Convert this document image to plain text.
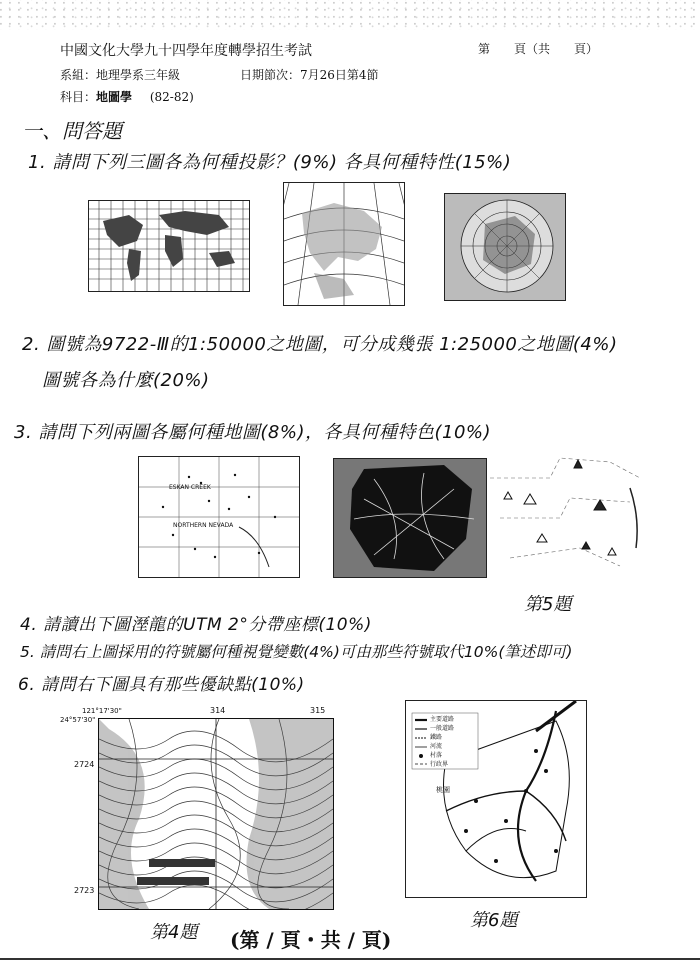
中國文化大學九十四學年度轉學招生考試	第　　頁（共　　頁）
系組：地理學系三年級	日期節次：7月26日第4節
科目：地圖學 (82-82)
一、問答題
1. 請問下列三圖各為何種投影？(9%) 各具何種特性(15%)
2. 圖號為9722-Ⅲ的1:50000之地圖，可分成幾張 1:25000之地圖(4%)
圖號各為什麼(20%)
3. 請問下列兩圖各屬何種地圖(8%)，各具何種特色(10%)
ESKAN CREEK
NORTHERN NEVADA
第5題
4. 請讀出下圖溼龍的UTM 2°分帶座標(10%)
5. 請問右上圖採用的符號屬何種視覺變數(4%)可由那些符號取代10%(筆述即可)
6. 請問右下圖具有那些優缺點(10%)
24°57'30"
121°17'30"	314	315
2724
2723
主要道路
一般道路
鐵路
河流
村落
行政界
桃園
第4題 (第 / 頁・共 / 頁)
第6題
